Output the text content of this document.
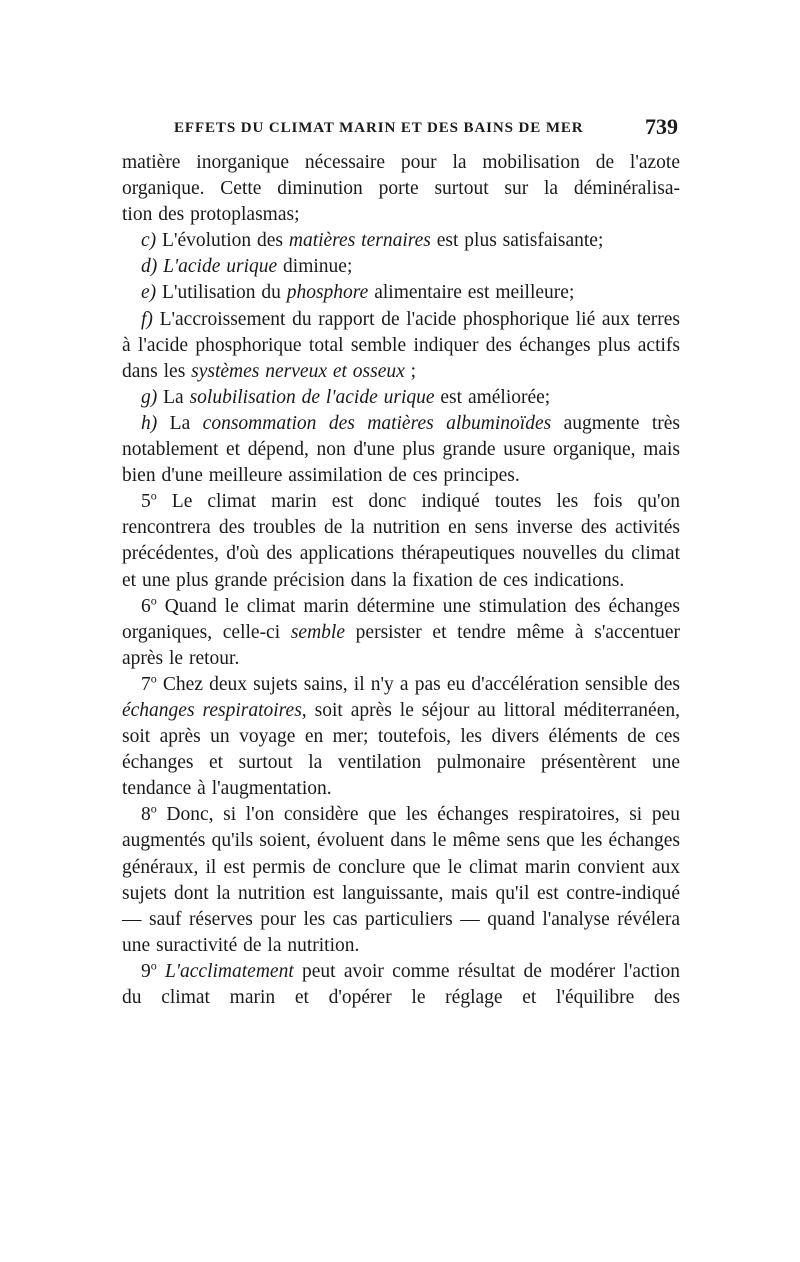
EFFETS DU CLIMAT MARIN ET DES BAINS DE MER	739

matière inorganique nécessaire pour la mobilisation de l'azote
organique. Cette diminution porte surtout sur la déminéralisa-

tion des protoplasmas;

c) L'évolution des matières ternaires est plus satisfaisante;

d) L'acide urique diminue;

e) L'utilisation du phosphore alimentaire est meilleure;

f) L'accroissement du rapport de l'acide phosphorique lié aux terres à l'acide phosphorique total semble indiquer des échanges plus actifs dans les systèmes nerveux et osseux ;

g) La solubilisation de l'acide urique est améliorée;

h) La consommation des matières albuminoïdes augmente très notablement et dépend, non d'une plus grande usure organique, mais bien d'une meilleure assimilation de ces principes.

5$^o$ Le climat marin est donc indiqué toutes les fois qu'on rencontrera des troubles de la nutrition en sens inverse des activités précédentes, d'où des applications thérapeutiques nouvelles du climat et une plus grande précision dans la fixation de ces indications.

6$^o$ Quand le climat marin détermine une stimulation des échanges organiques, celle-ci semble persister et tendre même à s'accentuer après le retour.

7$^o$ Chez deux sujets sains, il n'y a pas eu d'accélération sensible des échanges respiratoires, soit après le séjour au littoral méditerranéen, soit après un voyage en mer; toutefois, les divers éléments de ces échanges et surtout la ventilation pulmonaire présentèrent une tendance à l'augmentation.

8$^o$ Donc, si l'on considère que les échanges respiratoires, si peu augmentés qu'ils soient, évoluent dans le même sens que les échanges généraux, il est permis de conclure que le climat marin convient aux sujets dont la nutrition est languissante, mais qu'il est contre-indiqué — sauf réserves pour les cas particuliers — quand l'analyse révélera une suractivité de la nutrition.

9$^o$ L'acclimatement peut avoir comme résultat de modérer l'action du climat marin et d'opérer le réglage et l'équilibre des
